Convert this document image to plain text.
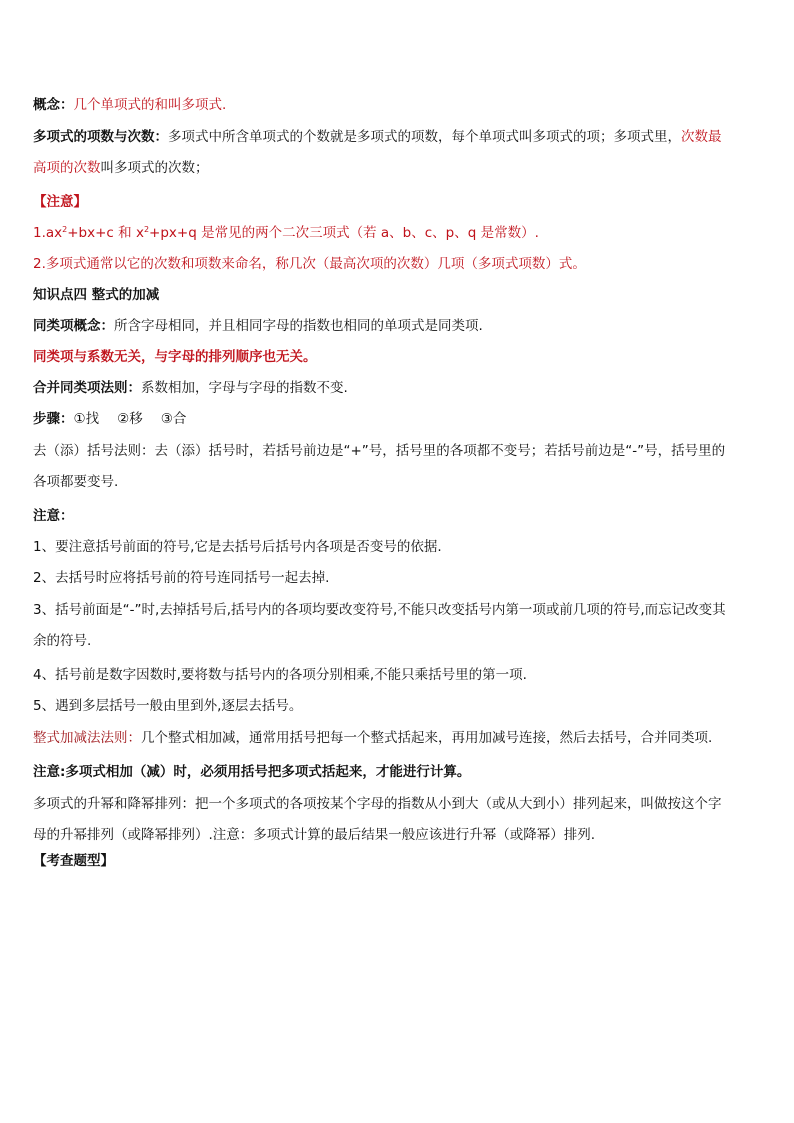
概念：几个单项式的和叫多项式.

多项式的项数与次数：多项式中所含单项式的个数就是多项式的项数，每个单项式叫多项式的项；多项式里，次数最高项的次数叫多项式的次数；

【注意】

$1.ax^2+bx+c$ 和 $x^2+px+q$ 是常见的两个二次三项式（若 a、b、c、p、q 是常数）.

2.多项式通常以它的次数和项数来命名，称几次（最高次项的次数）几项（多项式项数）式。

知识点四 整式的加减

同类项概念：所含字母相同，并且相同字母的指数也相同的单项式是同类项.

同类项与系数无关，与字母的排列顺序也无关。

合并同类项法则：系数相加，字母与字母的指数不变.

步骤：①找 ②移 ③合

去（添）括号法则：去（添）括号时，若括号前边是“+”号，括号里的各项都不变号；若括号前边是“-”号，括号里的各项都要变号.

注意：

1、要注意括号前面的符号,它是去括号后括号内各项是否变号的依据.

2、去括号时应将括号前的符号连同括号一起去掉.

3、括号前面是“-”时,去掉括号后,括号内的各项均要改变符号,不能只改变括号内第一项或前几项的符号,而忘记改变其余的符号.

4、括号前是数字因数时,要将数与括号内的各项分别相乘,不能只乘括号里的第一项.

5、遇到多层括号一般由里到外,逐层去括号。

整式加减法法则：几个整式相加减，通常用括号把每一个整式括起来，再用加减号连接，然后去括号，合并同类项.

注意:多项式相加（减）时，必须用括号把多项式括起来，才能进行计算。

多项式的升幂和降幂排列：把一个多项式的各项按某个字母的指数从小到大（或从大到小）排列起来，叫做按这个字母的升幂排列（或降幂排列）.注意：多项式计算的最后结果一般应该进行升幂（或降幂）排列.

【考查题型】
